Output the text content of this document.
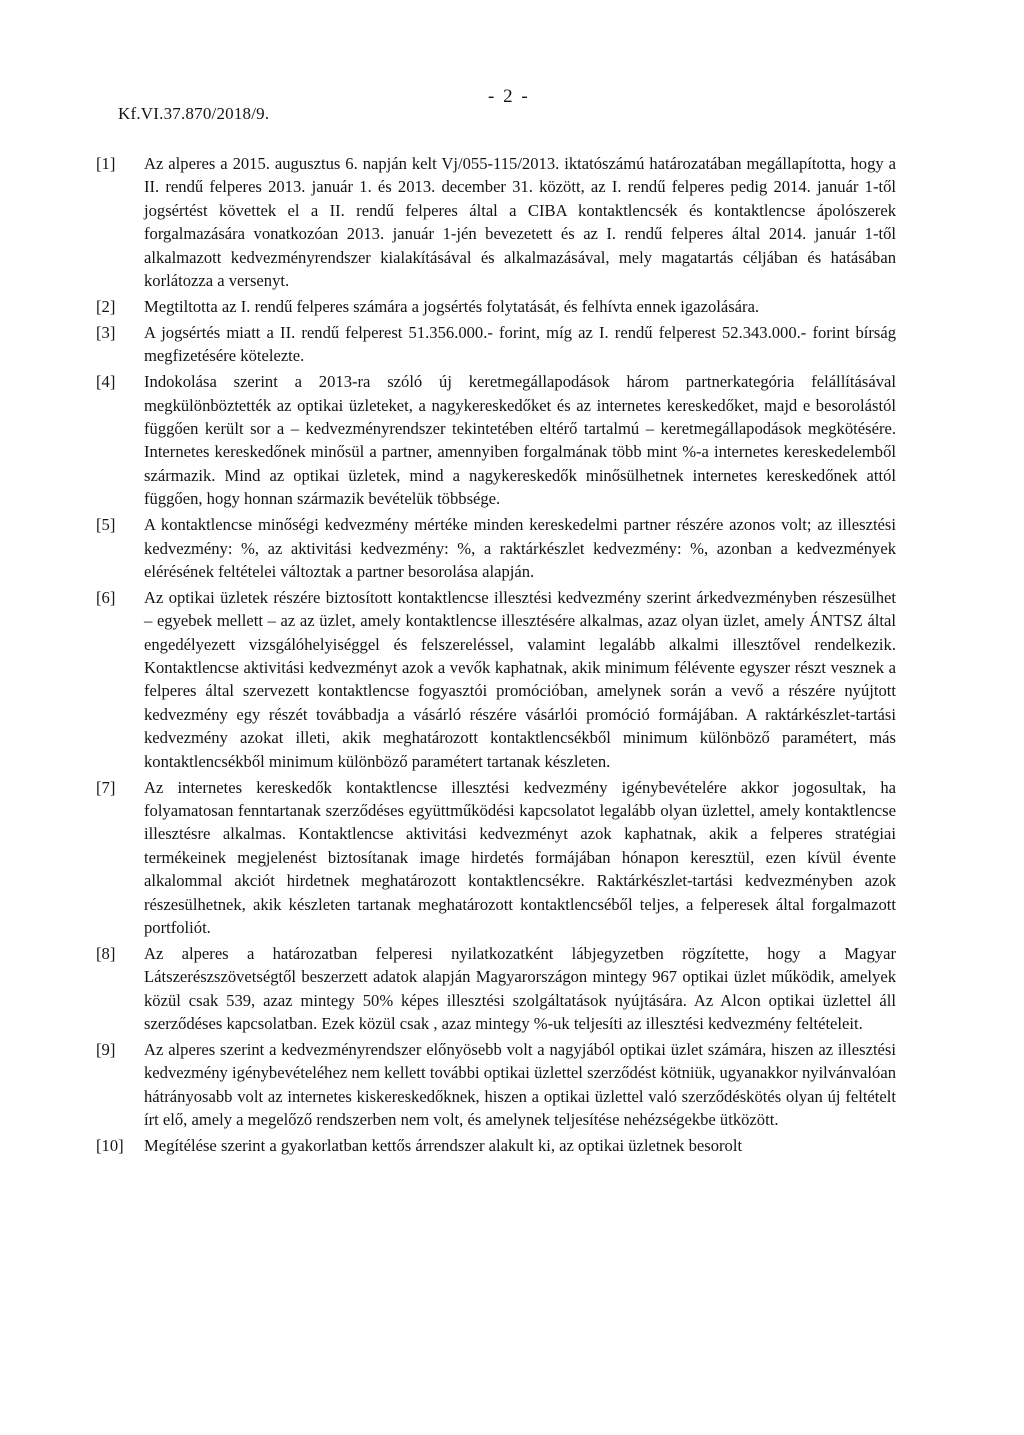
Kf.VI.37.870/2018/9.
- 2 -
[1]	Az alperes a 2015. augusztus 6. napján kelt Vj/055-115/2013. iktatószámú határozatában megállapította, hogy a II. rendű felperes 2013. január 1. és 2013. december 31. között, az I. rendű felperes pedig 2014. január 1-től jogsértést követtek el a II. rendű felperes által a CIBA kontaktlencsék és kontaktlencse ápolószerek forgalmazására vonatkozóan 2013. január 1-jén bevezetett és az I. rendű felperes által 2014. január 1-től alkalmazott kedvezményrendszer kialakításával és alkalmazásával, mely magatartás céljában és hatásában korlátozza a versenyt.
[2]	Megtiltotta az I. rendű felperes számára a jogsértés folytatását, és felhívta ennek igazolására.
[3]	A jogsértés miatt a II. rendű felperest 51.356.000.- forint, míg az I. rendű felperest 52.343.000.- forint bírság megfizetésére kötelezte.
[4]	Indokolása szerint a 2013-ra szóló új keretmegállapodások három partnerkategória felállításával megkülönböztették az optikai üzleteket, a nagykereskedőket és az internetes kereskedőket, majd e besorolástól függően került sor a – kedvezményrendszer tekintetében eltérő tartalmú – keretmegállapodások megkötésére. Internetes kereskedőnek minősül a partner, amennyiben forgalmának több mint %-a internetes kereskedelemből származik. Mind az optikai üzletek, mind a nagykereskedők minősülhetnek internetes kereskedőnek attól függően, hogy honnan származik bevételük többsége.
[5]	A kontaktlencse minőségi kedvezmény mértéke minden kereskedelmi partner részére azonos volt; az illesztési kedvezmény: %, az aktivitási kedvezmény: %, a raktárkészlet kedvezmény: %, azonban a kedvezmények elérésének feltételei változtak a partner besorolása alapján.
[6]	Az optikai üzletek részére biztosított kontaktlencse illesztési kedvezmény szerint árkedvezményben részesülhet – egyebek mellett – az az üzlet, amely kontaktlencse illesztésére alkalmas, azaz olyan üzlet, amely ÁNTSZ által engedélyezett vizsgálóhelyiséggel és felszereléssel, valamint legalább alkalmi illesztővel rendelkezik. Kontaktlencse aktivitási kedvezményt azok a vevők kaphatnak, akik minimum félévente egyszer részt vesznek a felperes által szervezett kontaktlencse fogyasztói promócióban, amelynek során a vevő a részére nyújtott kedvezmény egy részét továbbadja a vásárló részére vásárlói promóció formájában. A raktárkészlet-tartási kedvezmény azokat illeti, akik meghatározott kontaktlencsékből minimum különböző paramétert, más kontaktlencsékből minimum különböző paramétert tartanak készleten.
[7]	Az internetes kereskedők kontaktlencse illesztési kedvezmény igénybevételére akkor jogosultak, ha folyamatosan fenntartanak szerződéses együttműködési kapcsolatot legalább olyan üzlettel, amely kontaktlencse illesztésre alkalmas. Kontaktlencse aktivitási kedvezményt azok kaphatnak, akik a felperes stratégiai termékeinek megjelenést biztosítanak image hirdetés formájában hónapon keresztül, ezen kívül évente alkalommal akciót hirdetnek meghatározott kontaktlencsékre. Raktárkészlet-tartási kedvezményben azok részesülhetnek, akik készleten tartanak meghatározott kontaktlencséből teljes, a felperesek által forgalmazott portfoliót.
[8]	Az alperes a határozatban felperesi nyilatkozatként lábjegyzetben rögzítette, hogy a Magyar Látszerészszövetségtől beszerzett adatok alapján Magyarországon mintegy 967 optikai üzlet működik, amelyek közül csak 539, azaz mintegy 50% képes illesztési szolgáltatások nyújtására. Az Alcon optikai üzlettel áll szerződéses kapcsolatban. Ezek közül csak , azaz mintegy %-uk teljesíti az illesztési kedvezmény feltételeit.
[9]	Az alperes szerint a kedvezményrendszer előnyösebb volt a nagyjából optikai üzlet számára, hiszen az illesztési kedvezmény igénybevételéhez nem kellett további optikai üzlettel szerződést kötniük, ugyanakkor nyilvánvalóan hátrányosabb volt az internetes kiskereskedőknek, hiszen a optikai üzlettel való szerződéskötés olyan új feltételt írt elő, amely a megelőző rendszerben nem volt, és amelynek teljesítése nehézségekbe ütközött.
[10]	Megítélése szerint a gyakorlatban kettős árrendszer alakult ki, az optikai üzletnek besorolt
